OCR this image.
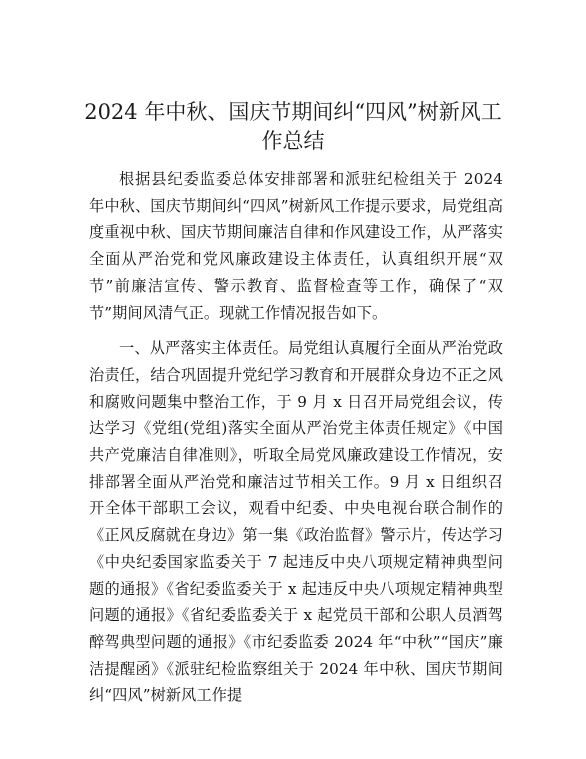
2024 年中秋、国庆节期间纠“四风”树新风工作总结

根据县纪委监委总体安排部署和派驻纪检组关于 2024 年中秋、国庆节期间纠“四风”树新风工作提示要求，局党组高度重视中秋、国庆节期间廉洁自律和作风建设工作，从严落实全面从严治党和党风廉政建设主体责任，认真组织开展“双节”前廉洁宣传、警示教育、监督检查等工作，确保了“双节”期间风清气正。现就工作情况报告如下。

一、从严落实主体责任。局党组认真履行全面从严治党政治责任，结合巩固提升党纪学习教育和开展群众身边不正之风和腐败问题集中整治工作，于 9 月 x 日召开局党组会议，传达学习《党组(党组)落实全面从严治党主体责任规定》《中国共产党廉洁自律准则》，听取全局党风廉政建设工作情况，安排部署全面从严治党和廉洁过节相关工作。9 月 x 日组织召开全体干部职工会议，观看中纪委、中央电视台联合制作的《正风反腐就在身边》第一集《政治监督》警示片，传达学习《中央纪委国家监委关于 7 起违反中央八项规定精神典型问题的通报》《省纪委监委关于 x 起违反中央八项规定精神典型问题的通报》《省纪委监委关于 x 起党员干部和公职人员酒驾醉驾典型问题的通报》《市纪委监委 2024 年“中秋”“国庆”廉洁提醒函》《派驻纪检监察组关于 2024 年中秋、国庆节期间纠“四风”树新风工作提
